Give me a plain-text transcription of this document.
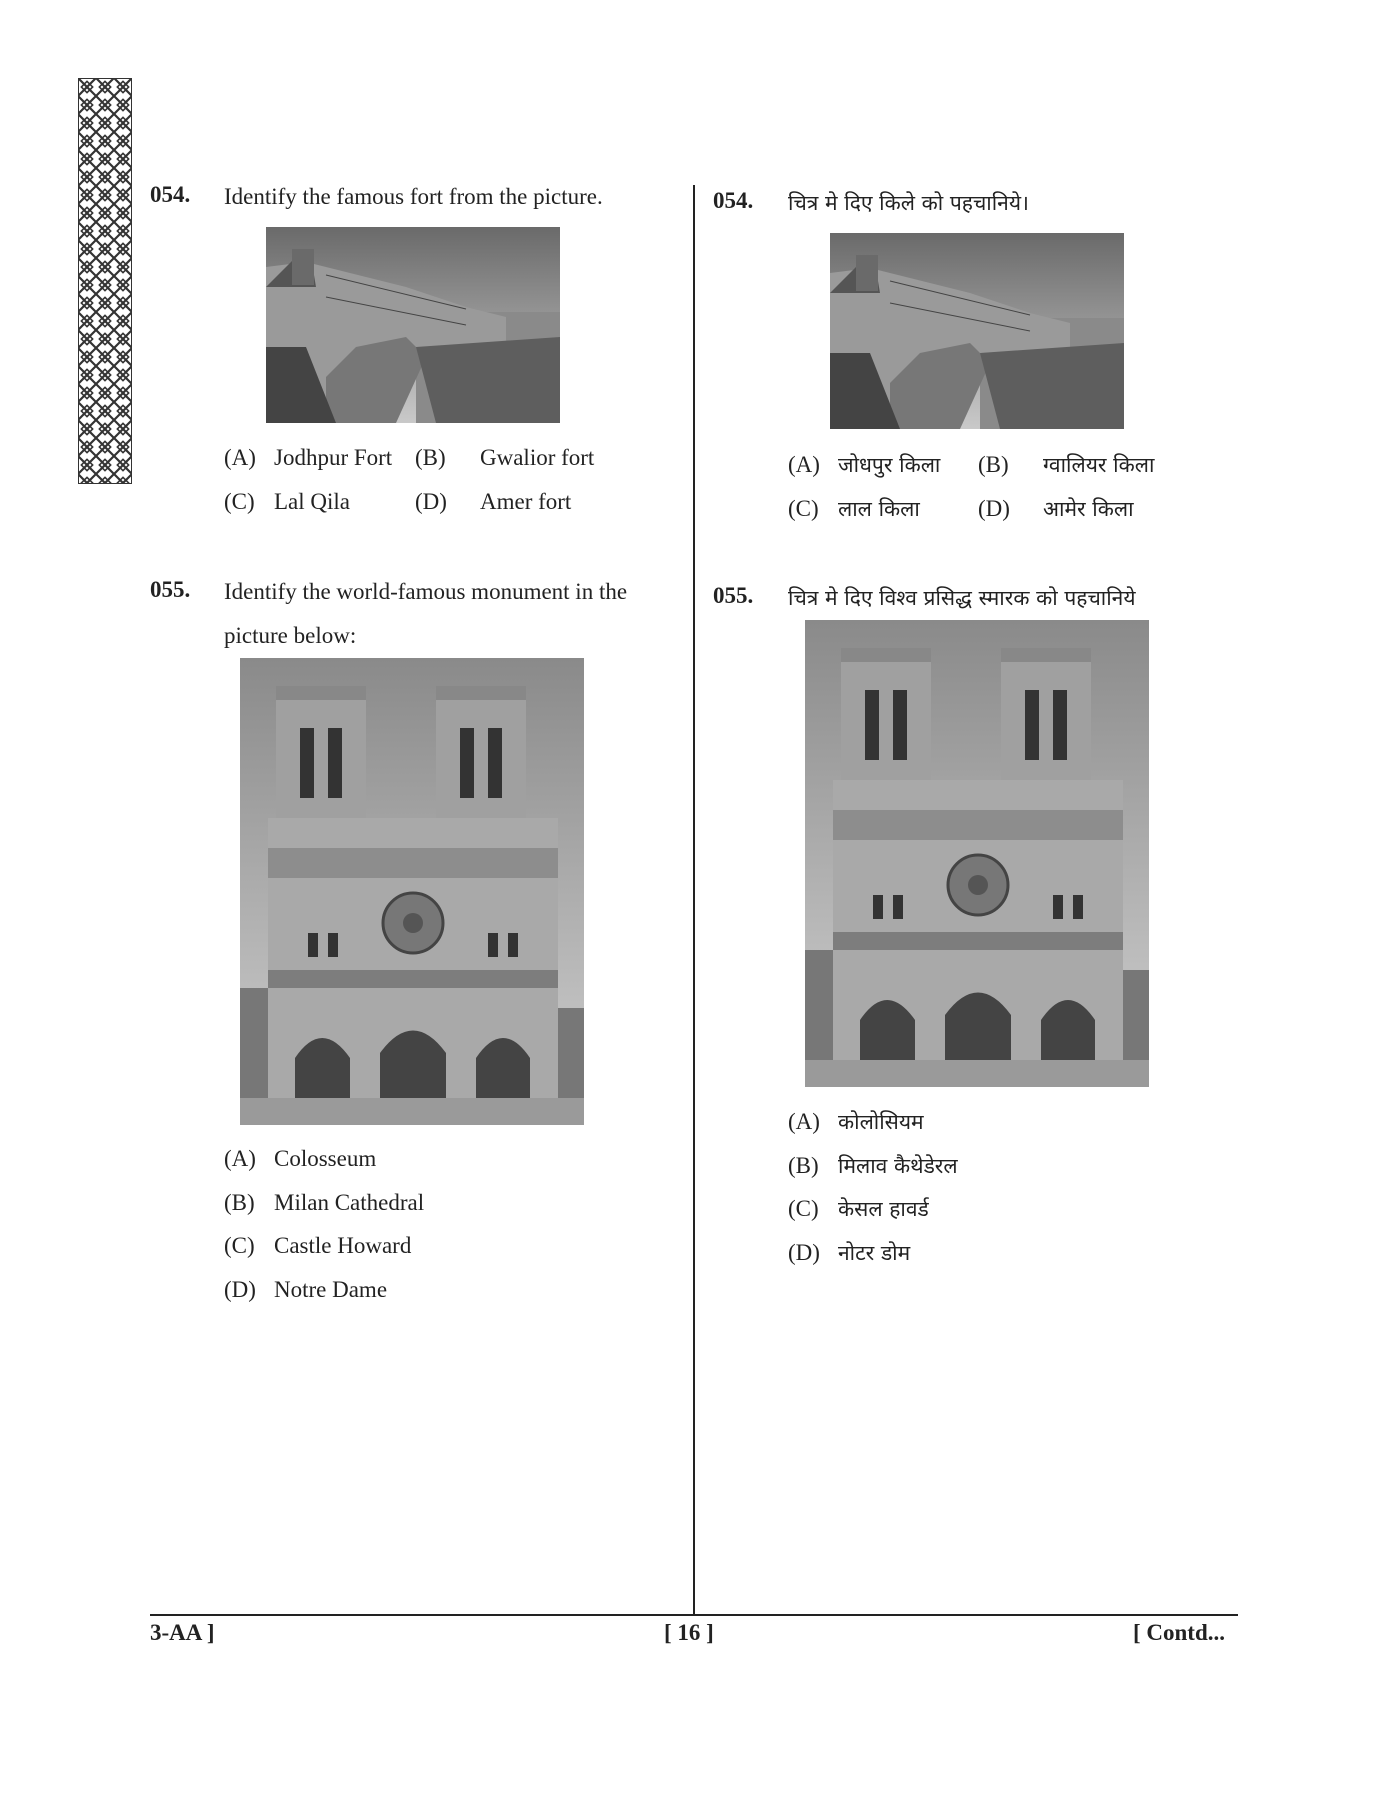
054. Identify the famous fort from the picture.
(A) Jodhpur Fort (B) Gwalior fort
(C) Lal Qila	(D) Amer fort
055. Identify the world-famous monument in the
picture below:
(A) Colosseum
(B) Milan Cathedral
(C) Castle Howard
(D) Notre Dame
054. चित्र मे दिए किले को पहचानिये।
(A) जोधपुर किला (B) ग्वालियर किला
(C) लाल किला	(D) आमेर किला
055. चित्र मे दिए विश्व प्रसिद्ध स्मारक को पहचानिये
(A) कोलोसियम
(B) मिलाव कैथेडेरल
(C) केसल हावर्ड
(D) नोटर डोम
3-AA ]	[ 16 ]	[ Contd...
